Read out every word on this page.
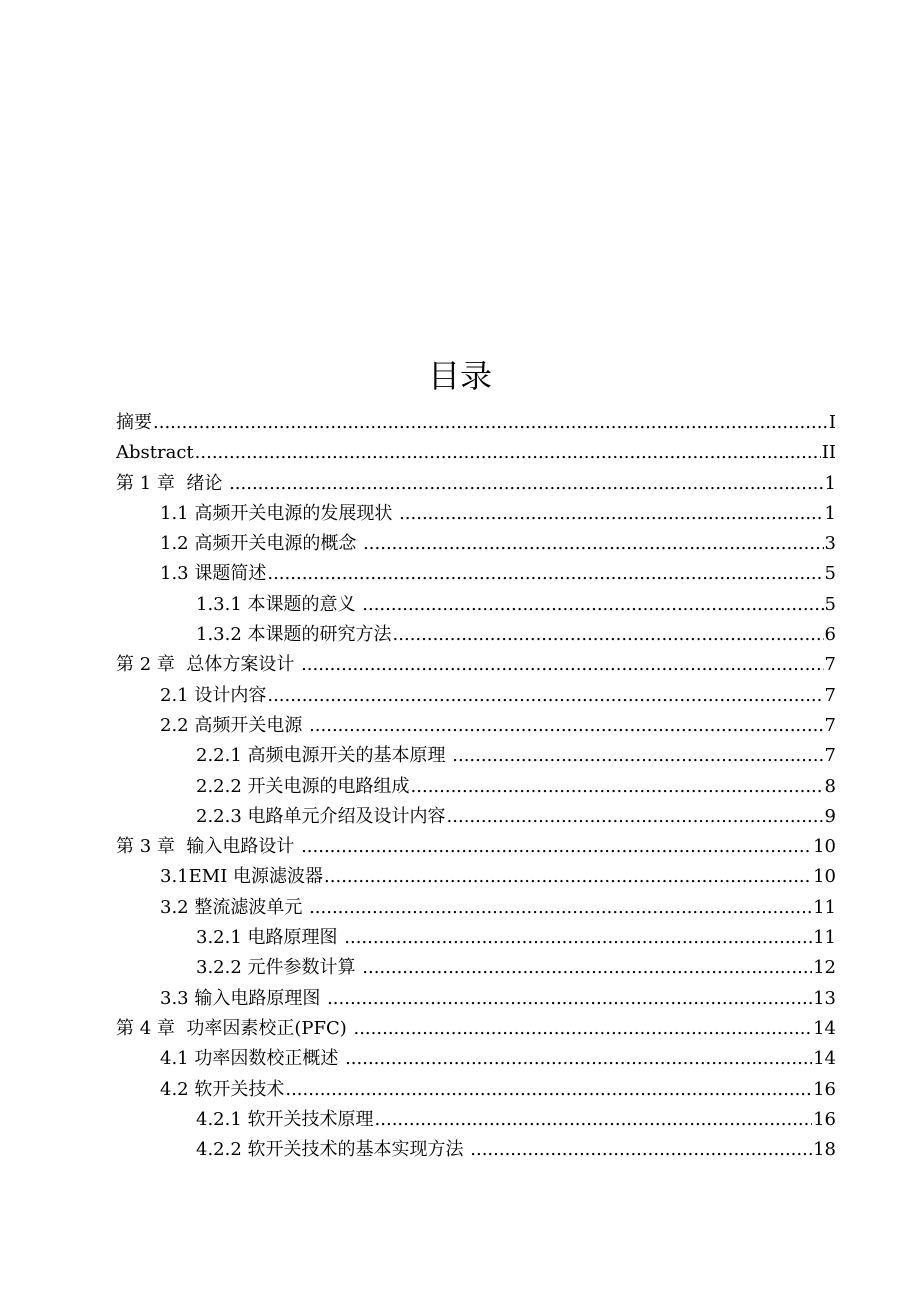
目录
摘要 .....	I
Abstract .....	II
第 1 章  绪论 .....	1
1.1 高频开关电源的发展现状 .....	1
1.2 高频开关电源的概念 .....	3
1.3 课题简述 .....	5
1.3.1 本课题的意义 .....	5
1.3.2 本课题的研究方法 .....	6
第 2 章  总体方案设计 .....	7
2.1 设计内容 .....	7
2.2 高频开关电源 .....	7
2.2.1 高频电源开关的基本原理 .....	7
2.2.2 开关电源的电路组成 .....	8
2.2.3 电路单元介绍及设计内容 .....	9
第 3 章  输入电路设计 .....	10
3.1EMI 电源滤波器 .....	10
3.2 整流滤波单元 .....	11
3.2.1 电路原理图 .....	11
3.2.2 元件参数计算 .....	12
3.3 输入电路原理图 .....	13
第 4 章  功率因素校正(PFC) .....	14
4.1 功率因数校正概述 .....	14
4.2 软开关技术 .....	16
4.2.1 软开关技术原理 .....	16
4.2.2 软开关技术的基本实现方法 .....	18
